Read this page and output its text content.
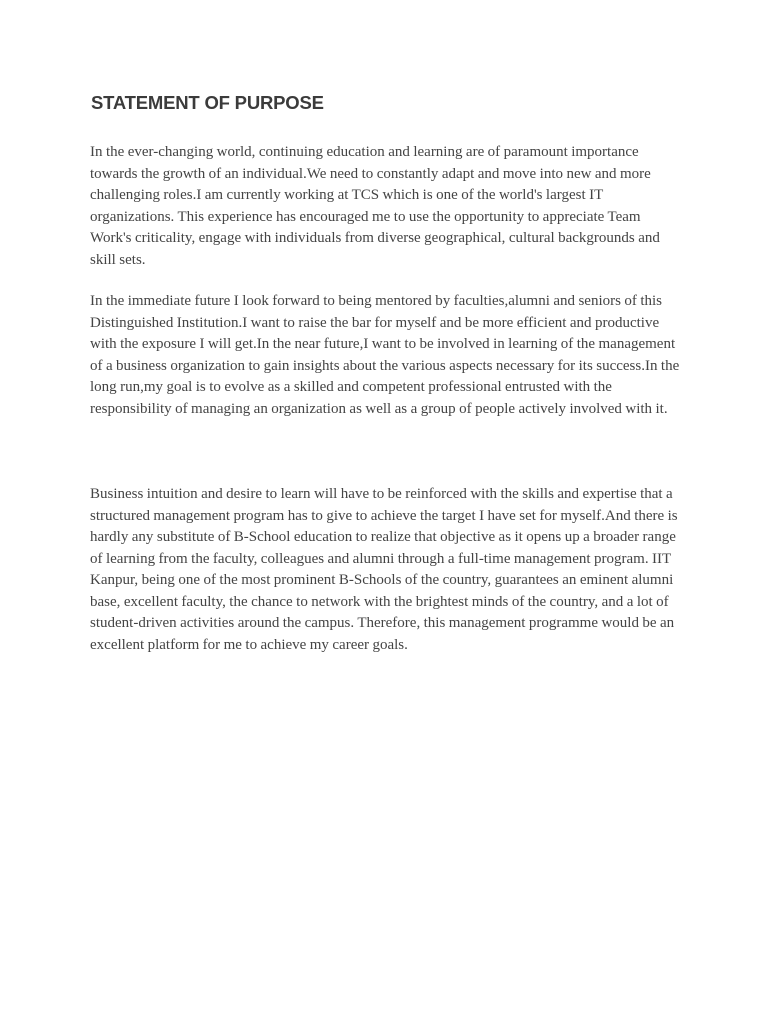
STATEMENT OF PURPOSE

In the ever-changing world, continuing education and learning are of paramount importance towards the growth of an individual.We need to constantly adapt and move into new and more challenging roles.I am currently working at TCS which is one of the world's largest IT organizations. This experience has encouraged me to use the opportunity to appreciate Team Work's criticality, engage with individuals from diverse geographical, cultural backgrounds and skill sets.

In the immediate future I look forward to being mentored by faculties,alumni and seniors of this Distinguished Institution.I want to raise the bar for myself and be more efficient and productive with the exposure I will get.In the near future,I want to be involved in learning of the management of a business organization to gain insights about the various aspects necessary for its success.In the long run,my goal is to evolve as a skilled and competent professional entrusted with the responsibility of managing an organization as well as a group of people actively involved with it.

Business intuition and desire to learn will have to be reinforced with the skills and expertise that a structured management program has to give to achieve the target I have set for myself.And there is hardly any substitute of B-School education to realize that objective as it opens up a broader range of learning from the faculty, colleagues and alumni through a full-time management program. IIT Kanpur, being one of the most prominent B-Schools of the country, guarantees an eminent alumni base, excellent faculty, the chance to network with the brightest minds of the country, and a lot of student-driven activities around the campus. Therefore, this management programme would be an excellent platform for me to achieve my career goals.
